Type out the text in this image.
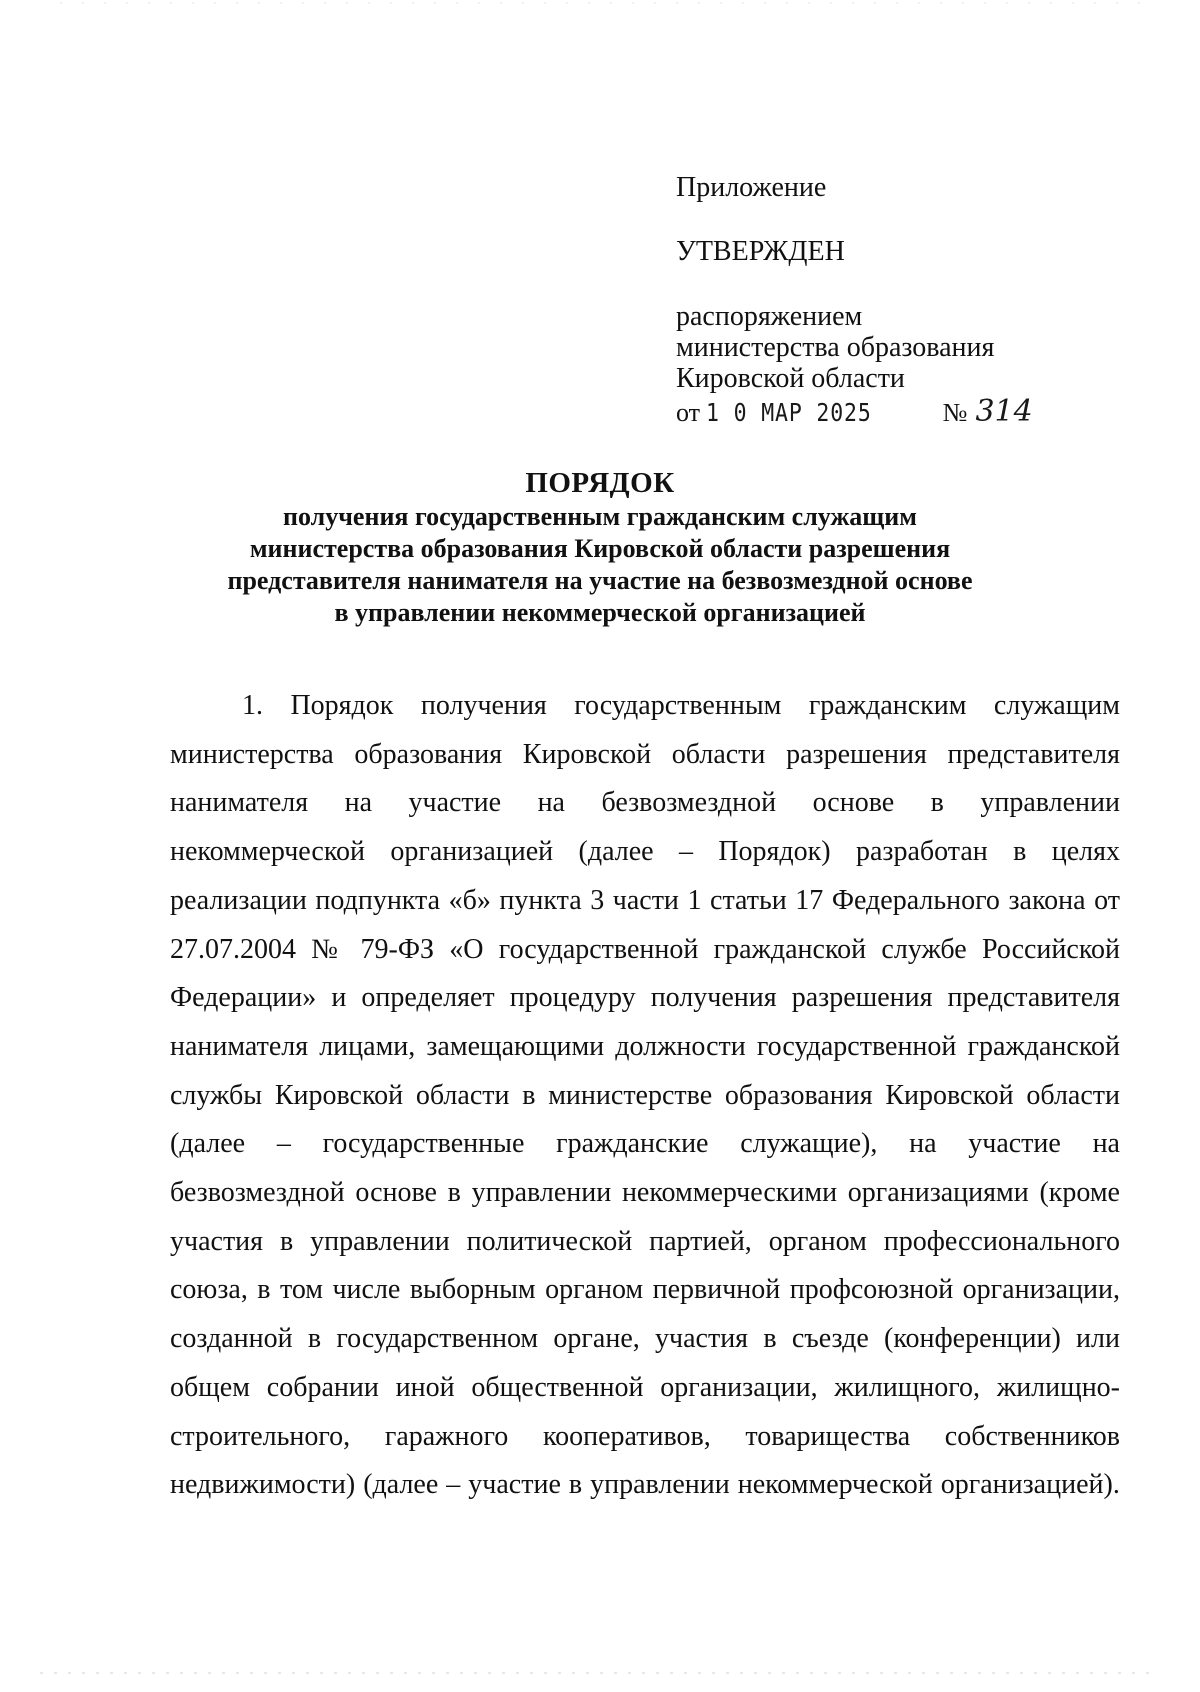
Приложение
УТВЕРЖДЕН
распоряжением
министерства образования
Кировской области
от 1 0 МАР 2025	№ 314
ПОРЯДОК
получения государственным гражданским служащим
министерства образования Кировской области разрешения
представителя нанимателя на участие на безвозмездной основе
в управлении некоммерческой организацией

1. Порядок получения государственным гражданским служащим министерства образования Кировской области разрешения представителя нанимателя на участие на безвозмездной основе в управлении некоммерческой организацией (далее – Порядок) разработан в целях реализации подпункта «б» пункта 3 части 1 статьи 17 Федерального закона от 27.07.2004 № 79-ФЗ «О государственной гражданской службе Российской Федерации» и определяет процедуру получения разрешения представителя нанимателя лицами, замещающими должности государственной гражданской службы Кировской области в министерстве образования Кировской области (далее – государственные гражданские служащие), на участие на безвозмездной основе в управлении некоммерческими организациями (кроме участия в управлении политической партией, органом профессионального союза, в том числе выборным органом первичной профсоюзной организации, созданной в государственном органе, участия в съезде (конференции) или общем собрании иной общественной организации, жилищного, жилищно-строительного, гаражного кооперативов, товарищества собственников недвижимости) (далее – участие в управлении некоммерческой организацией).
